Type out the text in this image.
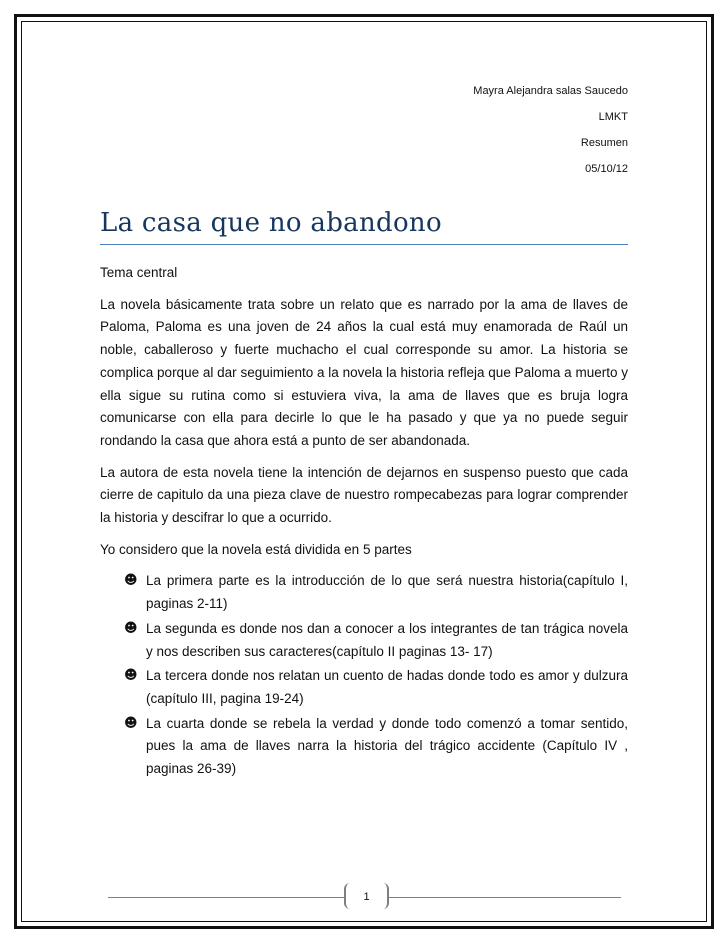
Mayra Alejandra salas Saucedo
LMKT
Resumen
05/10/12
La casa que no abandono

Tema central

La novela básicamente trata sobre un relato que es narrado por la ama de llaves de Paloma, Paloma es una joven de 24 años la cual está muy enamorada de Raúl un noble, caballeroso y fuerte muchacho el cual corresponde su amor. La historia se complica porque al dar seguimiento a la novela la historia refleja que Paloma a muerto y ella sigue su rutina como si estuviera viva, la ama de llaves que es bruja logra comunicarse con ella para decirle lo que le ha pasado y que ya no puede seguir rondando la casa que ahora está a punto de ser abandonada.

La autora de esta novela tiene la intención de dejarnos en suspenso puesto que cada cierre de capitulo da una pieza clave de nuestro rompecabezas para lograr comprender la historia y descifrar lo que a ocurrido.

Yo considero que la novela está dividida en 5 partes

☻ La primera parte es la introducción de lo que será nuestra historia(capítulo I, paginas 2-11)
☻ La segunda es donde nos dan a conocer a los integrantes de tan trágica novela y nos describen sus caracteres(capítulo II paginas 13- 17)
☻ La tercera donde nos relatan un cuento de hadas donde todo es amor y dulzura (capítulo III, pagina 19-24)
☻ La cuarta donde se rebela la verdad y donde todo comenzó a tomar sentido, pues la ama de llaves narra la historia del trágico accidente (Capítulo IV , paginas 26-39)
1
